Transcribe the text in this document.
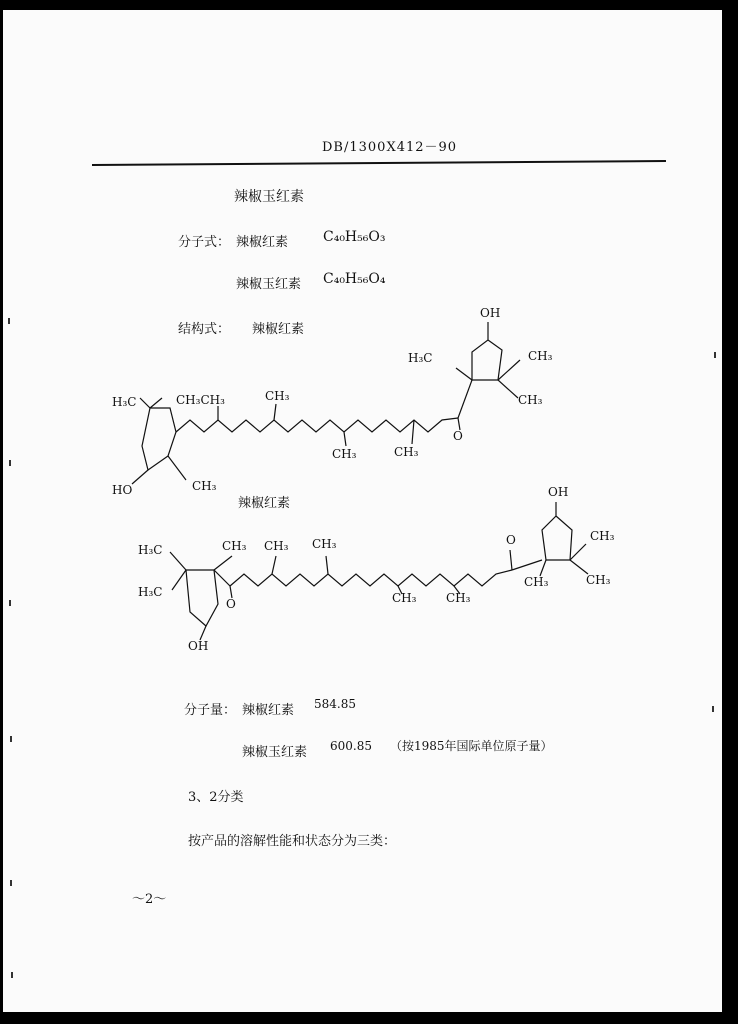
DB/1300X412－90
辣椒玉红素
分子式： 辣椒红素 C₄₀H₅₆O₃
辣椒玉红素 C₄₀H₅₆O₄
结构式： 辣椒红素
辣椒红素
OH
H₃C	CH₃
CH₃
H₃C	CH₃CH₃	CH₃
O
CH₃	CH₃
HO	CH₃	OH
H₃C	CH₃ CH₃ CH₃	O	CH₃
H₃C
CH₃	CH₃
O	CH₃ CH₃
OH
分子量： 辣椒红素 584.85
辣椒玉红素 600.85 （按1985年国际单位原子量）
3、2分类
按产品的溶解性能和状态分为三类：
～2～
